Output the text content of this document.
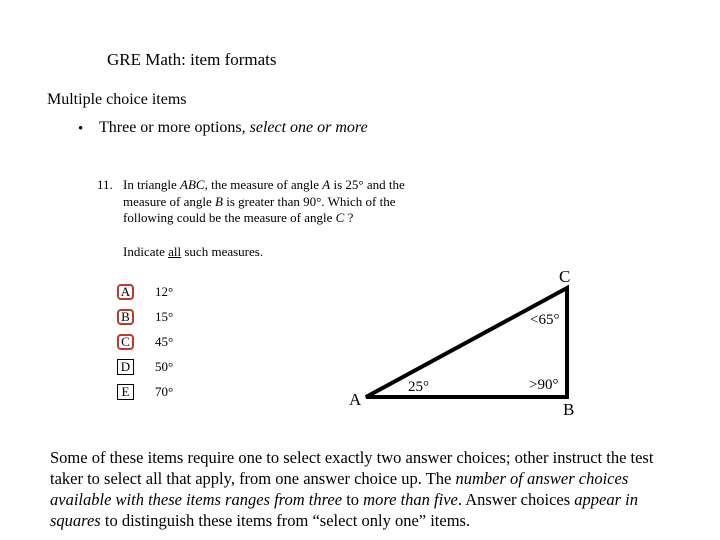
GRE Math: item formats
Multiple choice items
• Three or more options, select one or more
11. In triangle ABC, the measure of angle A is 25° and the measure of angle B is greater than 90°. Which of the following could be the measure of angle C ?
Indicate all such measures.
A 12°
B	15°
C	45°
D 50°
E	70°
C
A
B
25°	>90°
<65°
Some of these items require one to select exactly two answer choices; other instruct the test taker to select all that apply, from one answer choice up. The number of answer choices available with these items ranges from three to more than five. Answer choices appear in squares to distinguish these items from “select only one” items.
